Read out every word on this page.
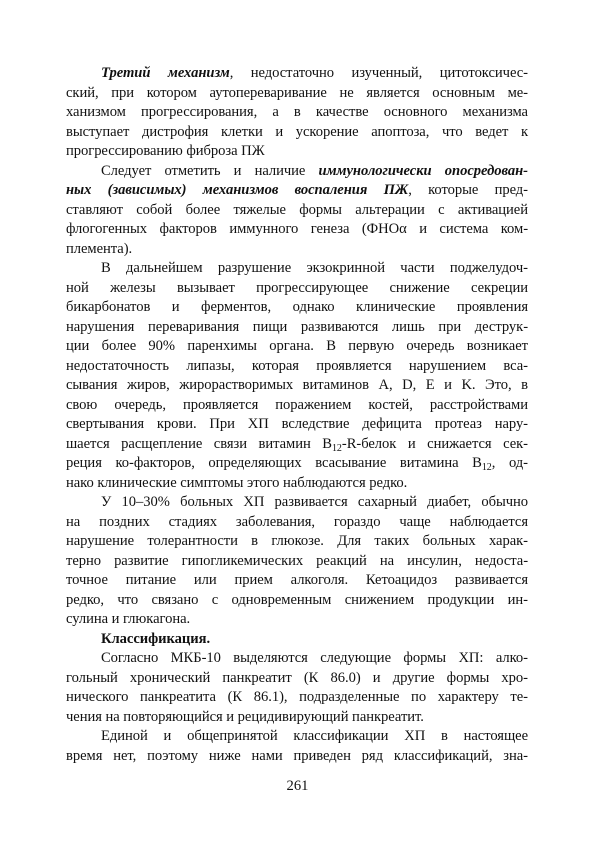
Третий механизм, недостаточно изученный, цитотоксичес-
ский, при котором аутопереваривание не является основным ме-
ханизмом прогрессирования, а в качестве основного механизма
выступает дистрофия клетки и ускорение апоптоза, что ведет к
прогрессированию фиброза ПЖ
Следует отметить и наличие иммунологически опосредован-
ных (зависимых) механизмов воспаления ПЖ, которые пред-
ставляют собой более тяжелые формы альтерации с активацией
флогогенных факторов иммунного генеза (ФНОα и система ком-
племента).
В дальнейшем разрушение экзокринной части поджелудоч-
ной железы вызывает прогрессирующее снижение секреции
бикарбонатов и ферментов, однако клинические проявления
нарушения переваривания пищи развиваются лишь при деструк-
ции более 90% паренхимы органа. В первую очередь возникает
недостаточность липазы, которая проявляется нарушением вса-
сывания жиров, жирорастворимых витаминов A, D, E и K. Это, в
свою очередь, проявляется поражением костей, расстройствами
свертывания крови. При ХП вследствие дефицита протеаз нару-
шается расщепление связи витамин $B_{12}-R$-белок и снижается сек-
реция ко-факторов, определяющих всасывание витамина $B_{12}$, од-
нако клинические симптомы этого наблюдаются редко.
У 10–30% больных ХП развивается сахарный диабет, обычно
на поздних стадиях заболевания, гораздо чаще наблюдается
нарушение толерантности в глюкозе. Для таких больных харак-
терно развитие гипогликемических реакций на инсулин, недоста-
точное питание или прием алкоголя. Кетоацидоз развивается
редко, что связано с одновременным снижением продукции ин-
сулина и глюкагона.
Классификация.
Согласно МКБ-10 выделяются следующие формы ХП: алко-
гольный хронический панкреатит (К 86.0) и другие формы хро-
нического панкреатита (К 86.1), подразделенные по характеру те-
чения на повторяющийся и рецидивирующий панкреатит.
Единой и общепринятой классификации ХП в настоящее
время нет, поэтому ниже нами приведен ряд классификаций, зна-
261
